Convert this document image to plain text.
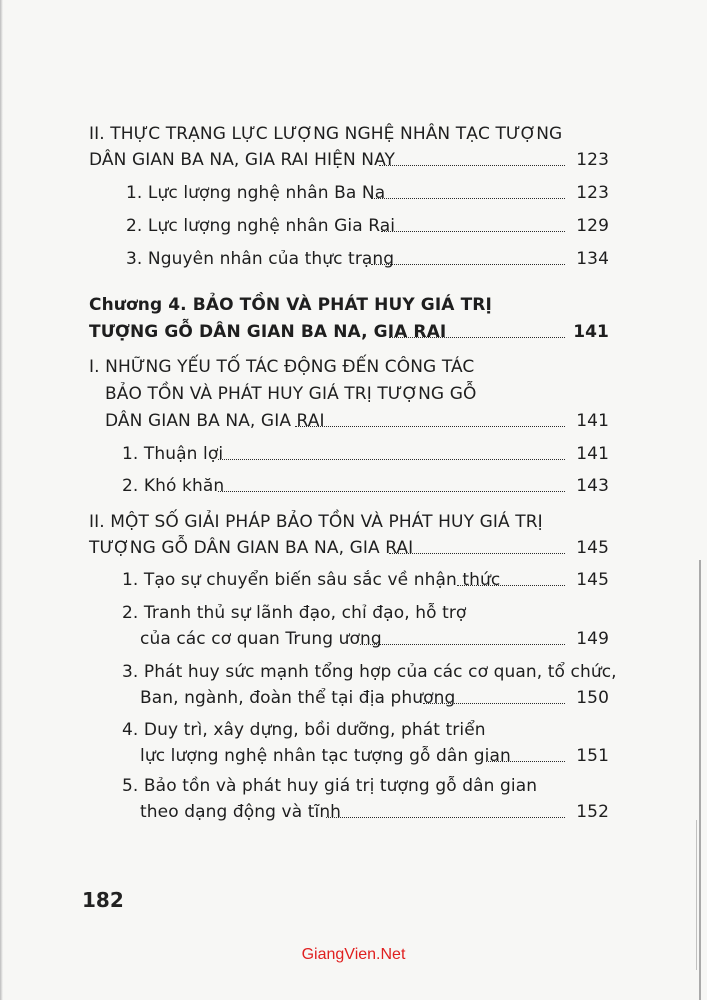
II. THỰC TRẠNG LỰC LƯỢNG NGHỆ NHÂN TẠC TƯỢNG
DÂN GIAN BA NA, GIA RAI HIỆN NAY	123
1. Lực lượng nghệ nhân Ba Na	123
2. Lực lượng nghệ nhân Gia Rai	129
3. Nguyên nhân của thực trạng	134
Chương 4. BẢO TỒN VÀ PHÁT HUY GIÁ TRỊ
TƯỢNG GỖ DÂN GIAN BA NA, GIA RAI	141
I. NHỮNG YẾU TỐ TÁC ĐỘNG ĐẾN CÔNG TÁC
BẢO TỒN VÀ PHÁT HUY GIÁ TRỊ TƯỢNG GỖ
DÂN GIAN BA NA, GIA RAI	141
1. Thuận lợi	141
2. Khó khăn	143
II. MỘT SỐ GIẢI PHÁP BẢO TỒN VÀ PHÁT HUY GIÁ TRỊ
TƯỢNG GỖ DÂN GIAN BA NA, GIA RAI	145
1. Tạo sự chuyển biến sâu sắc về nhận thức	145
2. Tranh thủ sự lãnh đạo, chỉ đạo, hỗ trợ
của các cơ quan Trung ương	149
3. Phát huy sức mạnh tổng hợp của các cơ quan, tổ chức,
Ban, ngành, đoàn thể tại địa phương	150
4. Duy trì, xây dựng, bồi dưỡng, phát triển
lực lượng nghệ nhân tạc tượng gỗ dân gian	151
5. Bảo tồn và phát huy giá trị tượng gỗ dân gian
theo dạng động và tĩnh	152
182
GiangVien.Net
